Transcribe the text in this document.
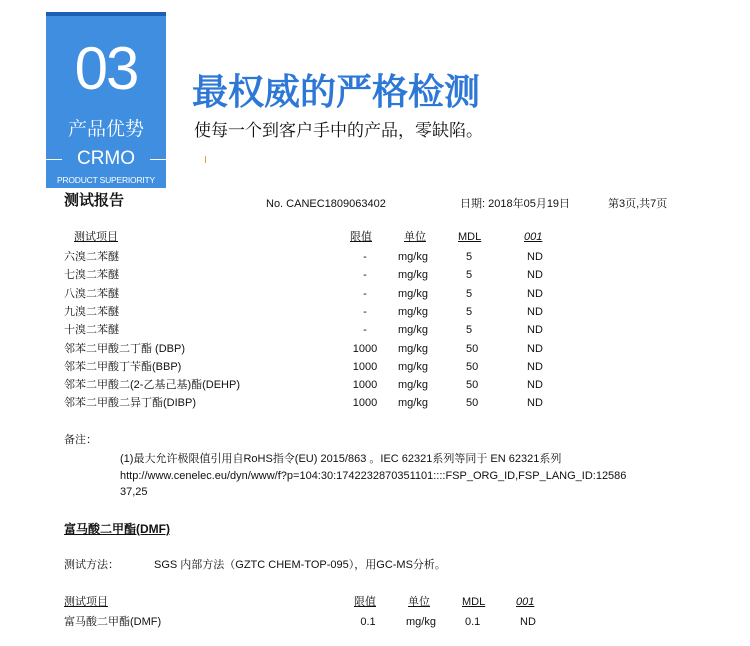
03
产品优势
CRMO
PRODUCT SUPERIORITY
最权威的严格检测
使每一个到客户手中的产品，零缺陷。
测试报告	No. CANEC1809063402	日期: 2018年05月19日	第3页,共7页
测试项目	限值	单位	MDL	001
六溴二苯醚	-	mg/kg	5	ND
七溴二苯醚	-	mg/kg	5	ND
八溴二苯醚	-	mg/kg	5	ND
九溴二苯醚	-	mg/kg	5	ND
十溴二苯醚	-	mg/kg	5	ND
邻苯二甲酸二丁酯 (DBP)	1000	mg/kg	50	ND
邻苯二甲酸丁苄酯(BBP)	1000	mg/kg	50	ND
邻苯二甲酸二(2-乙基己基)酯(DEHP)	1000	mg/kg	50	ND
邻苯二甲酸二异丁酯(DIBP)	1000	mg/kg	50	ND
备注：
(1)最大允许极限值引用自RoHS指令(EU) 2015/863 。IEC 62321系列等同于 EN 62321系列
http://www.cenelec.eu/dyn/www/f?p=104:30:1742232870351101::::FSP_ORG_ID,FSP_LANG_ID:12586
37,25
富马酸二甲酯(DMF)
测试方法：	SGS 内部方法（GZTC CHEM-TOP-095），用GC-MS分析。
测试项目	限值	单位	MDL	001
富马酸二甲酯(DMF)	0.1	mg/kg	0.1	ND
